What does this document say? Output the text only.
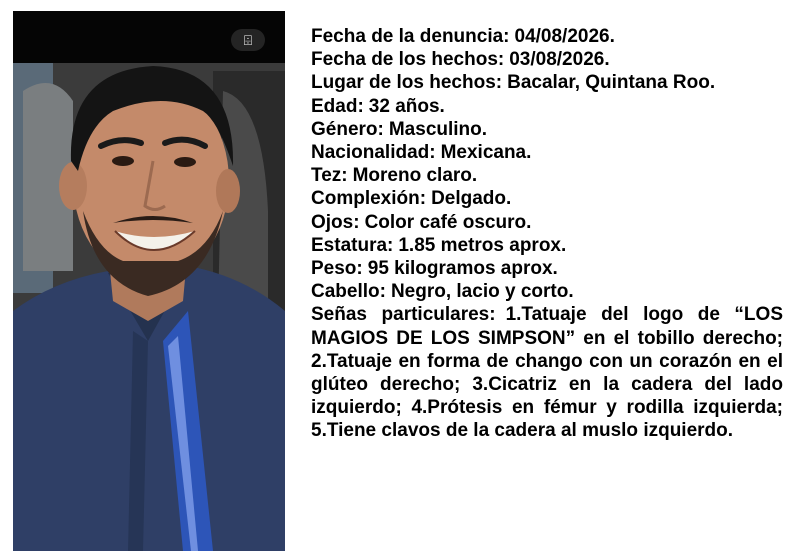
⌹	Fecha de la denuncia: 04/08/2026.
Fecha de los hechos: 03/08/2026.
Lugar de los hechos: Bacalar, Quintana Roo.
Edad: 32 años.
Género: Masculino.
Nacionalidad: Mexicana.
Tez: Moreno claro.
Complexión: Delgado.
Ojos: Color café oscuro.
Estatura: 1.85 metros aprox.
Peso: 95 kilogramos aprox.
Cabello: Negro, lacio y corto.
Señas particulares: 1.Tatuaje del logo de “LOS MAGIOS DE LOS SIMPSON” en el tobillo derecho; 2.Tatuaje en forma de chango con un corazón en el glúteo derecho; 3.Cicatriz en la cadera del lado izquierdo; 4.Prótesis en fémur y rodilla izquierda; 5.Tiene clavos de la cadera al muslo izquierdo.
